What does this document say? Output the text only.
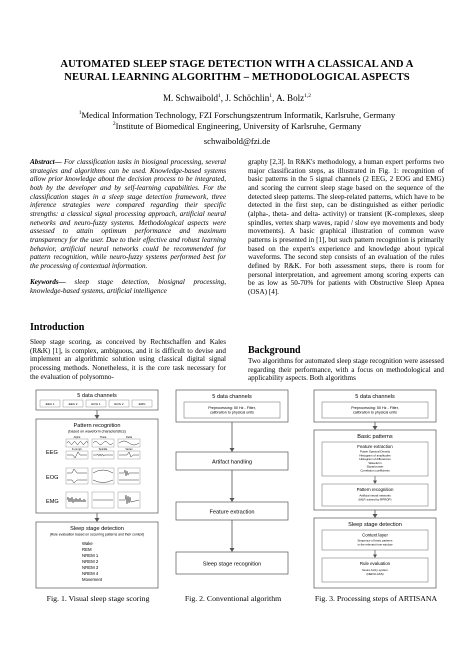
AUTOMATED SLEEP STAGE DETECTION WITH A CLASSICAL AND A
NEURAL LEARNING ALGORITHM – METHODOLOGICAL ASPECTS
M. Schwaibold$^1$, J. Schöchlin$^1$, A. Bolz$^{1,2}$
$^1$Medical Information Technology, FZI Forschungszentrum Informatik, Karlsruhe, Germany
$^2$Institute of Biomedical Engineering, University of Karlsruhe, Germany
schwaibold@fzi.de

Abstract— For classification tasks in biosignal processing, several strategies and algorithms can be used. Knowledge-based systems allow prior knowledge about the decision process to be integrated, both by the developer and by self-learning capabilities. For the classification stages in a sleep stage detection framework, three inference strategies were compared regarding their specific strengths: a classical signal processing approach, artificial neural networks and neuro-fuzzy systems. Methodological aspects were assessed to attain optimum performance and maximum transparency for the user. Due to their effective and robust learning behavior, artificial neural networks could be recommended for pattern recognition, while neuro-fuzzy systems performed best for the processing of contextual information.

Keywords— sleep stage detection, biosignal processing, knowledge-based systems, artificial intelligence

Introduction
Sleep stage scoring, as conceived by Rechtschaffen and Kales (R&K) [1], is complex, ambiguous, and it is difficult to devise and implement an algorithmic solution using classical digital signal processing methods. Nonetheless, it is the core task necessary for the evaluation of polysomno-
graphy [2,3]. In R&K's methodology, a human expert performs two major classification steps, as illustrated in Fig. 1: recognition of basic patterns in the 5 signal channels (2 EEG, 2 EOG and EMG) and scoring the current sleep stage based on the sequence of the detected sleep patterns. The sleep-related patterns, which have to be detected in the first step, can be distinguished as either periodic (alpha-, theta- and delta- activity) or transient (K-complexes, sleep spindles, vertex sharp waves, rapid / slow eye movements and body movements). A basic graphical illustration of common wave patterns is presented in [1], but such pattern recognition is primarily based on the expert's experience and knowledge about typical waveforms. The second step consists of an evaluation of the rules defined by R&K. For both assessment steps, there is room for personal interpretation, and agreement among scoring experts can be as low as 50-70% for patients with Obstructive Sleep Apnea (OSA) [4].
Background
Two algorithms for automated sleep stage recognition were assessed regarding their performance, with a focus on methodological and applicability aspects. Both algorithms
5 data channels
EEG 1	EEG 2	EOG 1	EOG 2	EMG
Pattern recognition
(based on waveform characteristics)
EEG
EOG
EMG
Alpha	Theta	Delta
K-compl.	Spindle	Vertex
Sleep stage detection
(Rule evaluation based on occurring patterns and their context)
Wake
REM
NREM 1
NREM 2
NREM 3
NREM 4
Movement
Fig. 1. Visual sleep stage scoring
5 data channels
Preprocessing: 50 Hz - Filter, calibration to physical units
Artifact handling
Feature extraction
Sleep stage recognition
Fig. 2. Conventional algorithm
5 data channels
Preprocessing: 50 Hz - Filter, calibration to physical units
Basic patterns
Feature extraction
Power Spectral Density
Histogram of amplitudes
Histogram of differences
Waveform
Signal power
Correlation coefficients
Pattern recognition
Artificial neural networks
(MLP, trained by RPROP)
Sleep stage detection
Context layer
Sequence of basic patterns
in the relevant time window
Rule evaluation
Neuro-fuzzy system
(NEFCLASS)
Fig. 3. Processing steps of ARTISANA
